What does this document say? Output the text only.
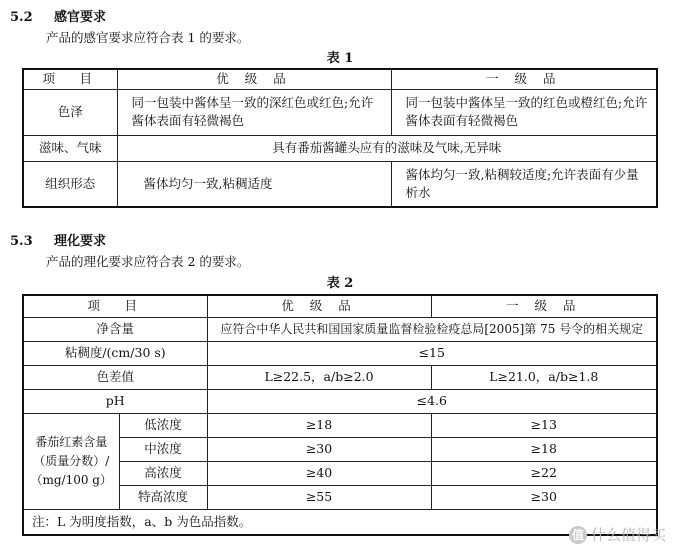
5.2 感官要求
产品的感官要求应符合表 1 的要求。
表 1
项　目	优 级 品	一 级 品
色泽	同一包装中酱体呈一致的深红色或红色;允许酱体表面有轻微褐色	同一包装中酱体呈一致的红色或橙红色;允许酱体表面有轻微褐色
滋味、气味	具有番茄酱罐头应有的滋味及气味,无异味	
组织形态	酱体均匀一致,粘稠适度	酱体均匀一致,粘稠较适度;允许表面有少量析水
5.3 理化要求
产品的理化要求应符合表 2 的要求。
表 2
项　目		优 级 品	一 级 品
净含量		应符合中华人民共和国国家质量监督检验检疫总局[2005]第 75 号令的相关规定	
粘稠度/(cm/30 s)		≤15	
色差值		L≥22.5，a/b≥2.0	L≥21.0，a/b≥1.8
pH		≤4.6	
番茄红素含量（质量分数）/（mg/100 g）	低浓度	≥18	≥13
	中浓度	≥30	≥18
	高浓度	≥40	≥22
	特高浓度	≥55	≥30
注：L 为明度指数，a、b 为色品指数。			
值 什么值得买
